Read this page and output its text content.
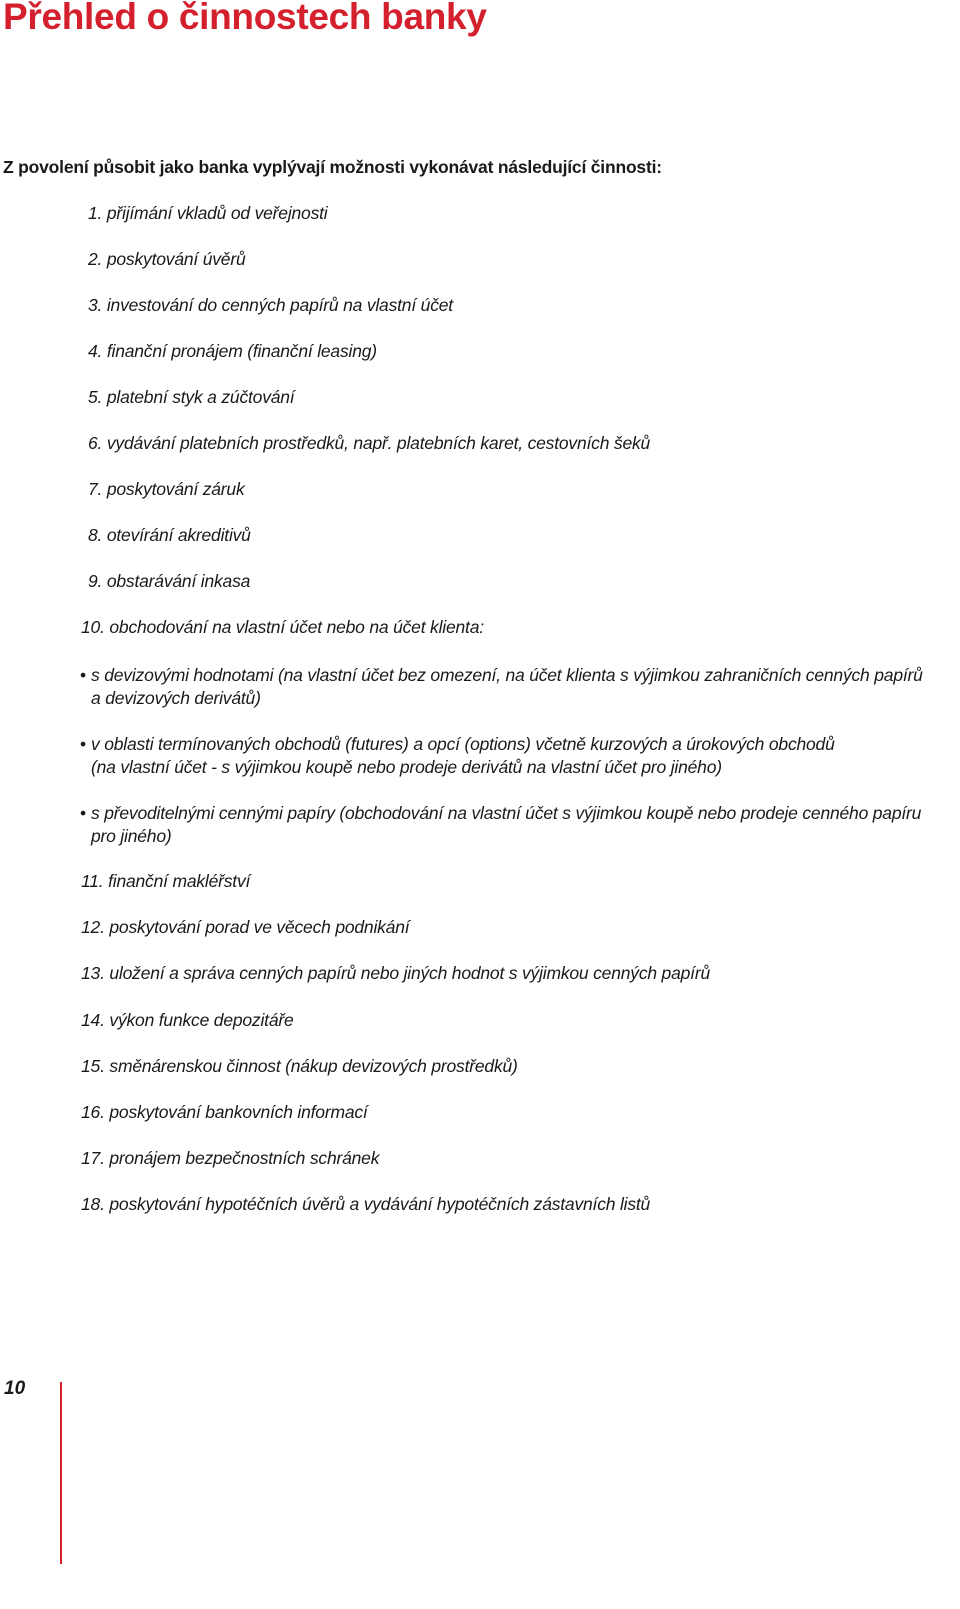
Přehled o činnostech banky
Z povolení působit jako banka vyplývají možnosti vykonávat následující činnosti:
1. přijímání vkladů od veřejnosti
2. poskytování úvěrů
3. investování do cenných papírů na vlastní účet
4. finanční pronájem (finanční leasing)
5. platební styk a zúčtování
6. vydávání platebních prostředků, např. platebních karet, cestovních šeků
7. poskytování záruk
8. otevírání akreditivů
9. obstarávání inkasa
10. obchodování na vlastní účet nebo na účet klienta:
• s devizovými hodnotami (na vlastní účet bez omezení, na účet klienta s výjimkou zahraničních cenných papírů
a devizových derivátů)
• v oblasti termínovaných obchodů (futures) a opcí (options) včetně kurzových a úrokových obchodů
(na vlastní účet - s výjimkou koupě nebo prodeje derivátů na vlastní účet pro jiného)
• s převoditelnými cennými papíry (obchodování na vlastní účet s výjimkou koupě nebo prodeje cenného papíru
pro jiného)
11. finanční makléřství
12. poskytování porad ve věcech podnikání
13. uložení a správa cenných papírů nebo jiných hodnot s výjimkou cenných papírů
14. výkon funkce depozitáře
15. směnárenskou činnost (nákup devizových prostředků)
16. poskytování bankovních informací
17. pronájem bezpečnostních schránek
18. poskytování hypotéčních úvěrů a vydávání hypotéčních zástavních listů
10
